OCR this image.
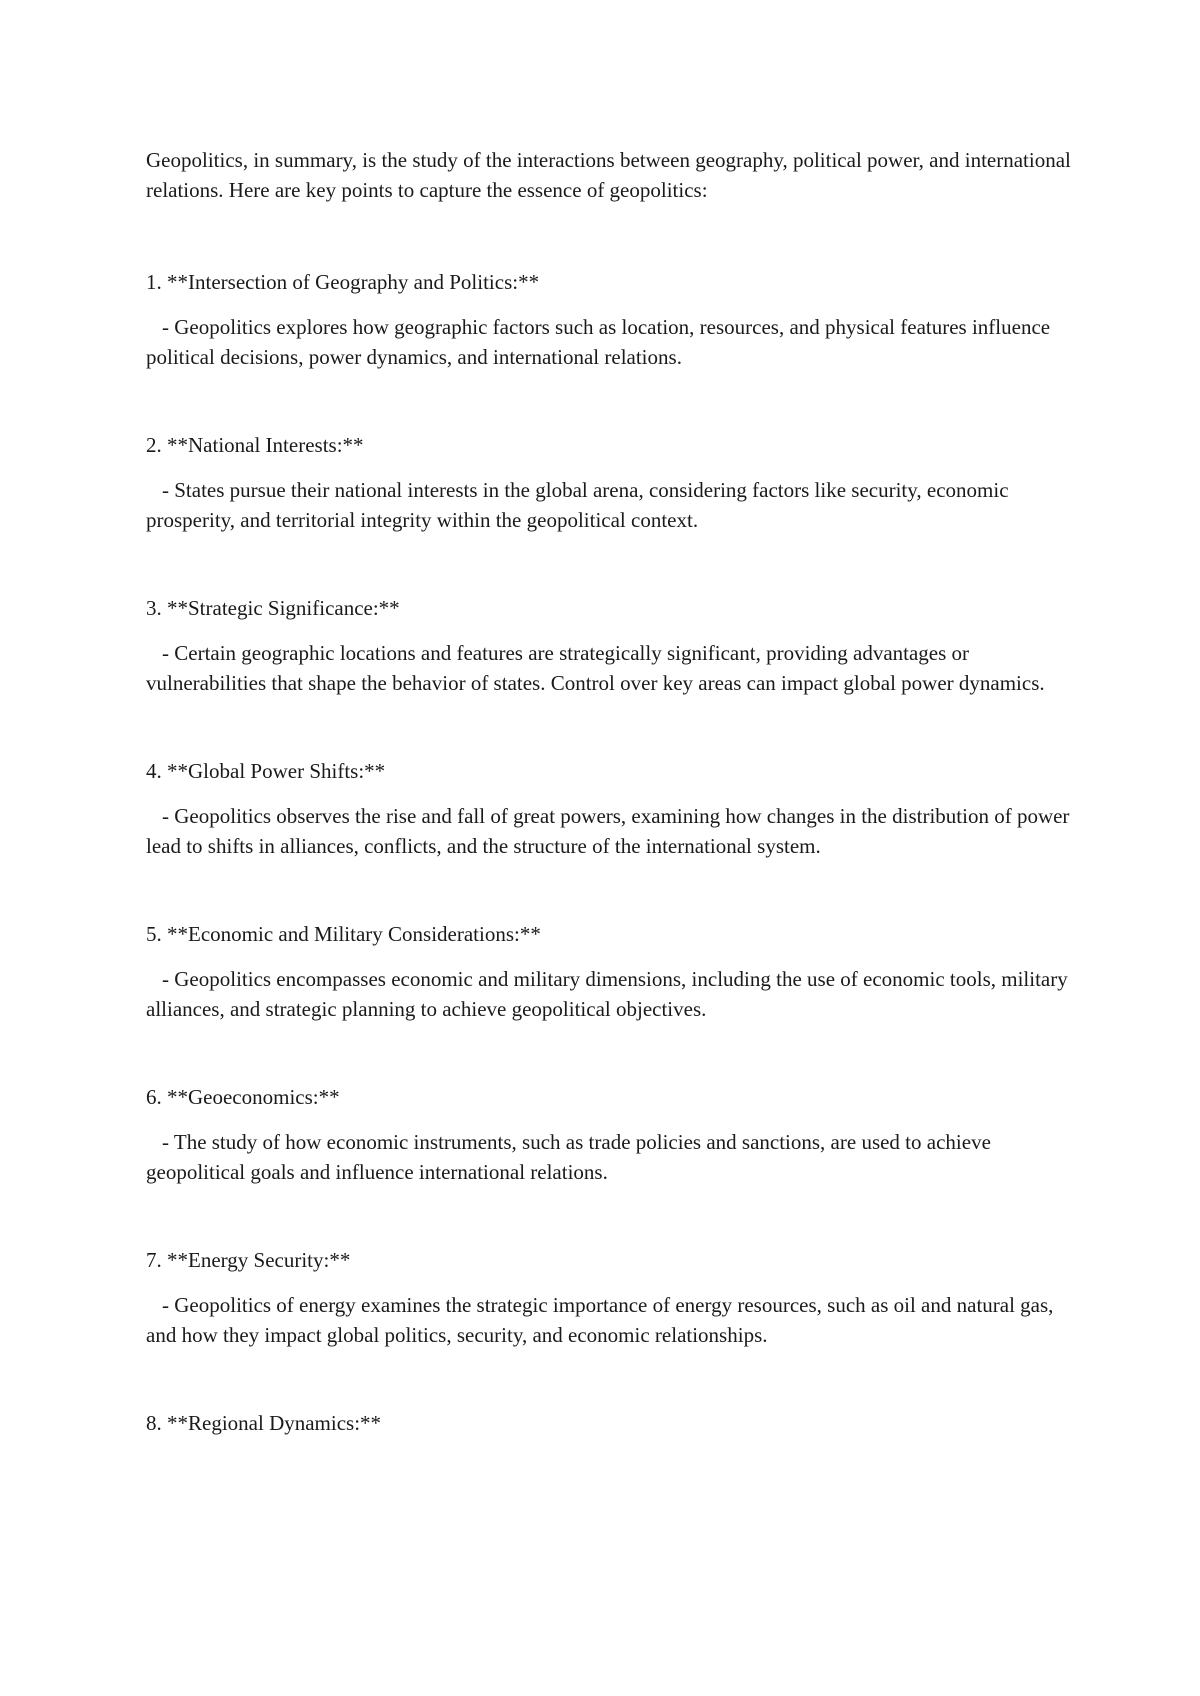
Geopolitics, in summary, is the study of the interactions between geography, political power, and international relations. Here are key points to capture the essence of geopolitics:

1. **Intersection of Geography and Politics:**

- Geopolitics explores how geographic factors such as location, resources, and physical features influence political decisions, power dynamics, and international relations.

2. **National Interests:**

- States pursue their national interests in the global arena, considering factors like security, economic prosperity, and territorial integrity within the geopolitical context.

3. **Strategic Significance:**

- Certain geographic locations and features are strategically significant, providing advantages or vulnerabilities that shape the behavior of states. Control over key areas can impact global power dynamics.

4. **Global Power Shifts:**

- Geopolitics observes the rise and fall of great powers, examining how changes in the distribution of power lead to shifts in alliances, conflicts, and the structure of the international system.

5. **Economic and Military Considerations:**

- Geopolitics encompasses economic and military dimensions, including the use of economic tools, military alliances, and strategic planning to achieve geopolitical objectives.

6. **Geoeconomics:**

- The study of how economic instruments, such as trade policies and sanctions, are used to achieve geopolitical goals and influence international relations.

7. **Energy Security:**

- Geopolitics of energy examines the strategic importance of energy resources, such as oil and natural gas, and how they impact global politics, security, and economic relationships.

8. **Regional Dynamics:**
